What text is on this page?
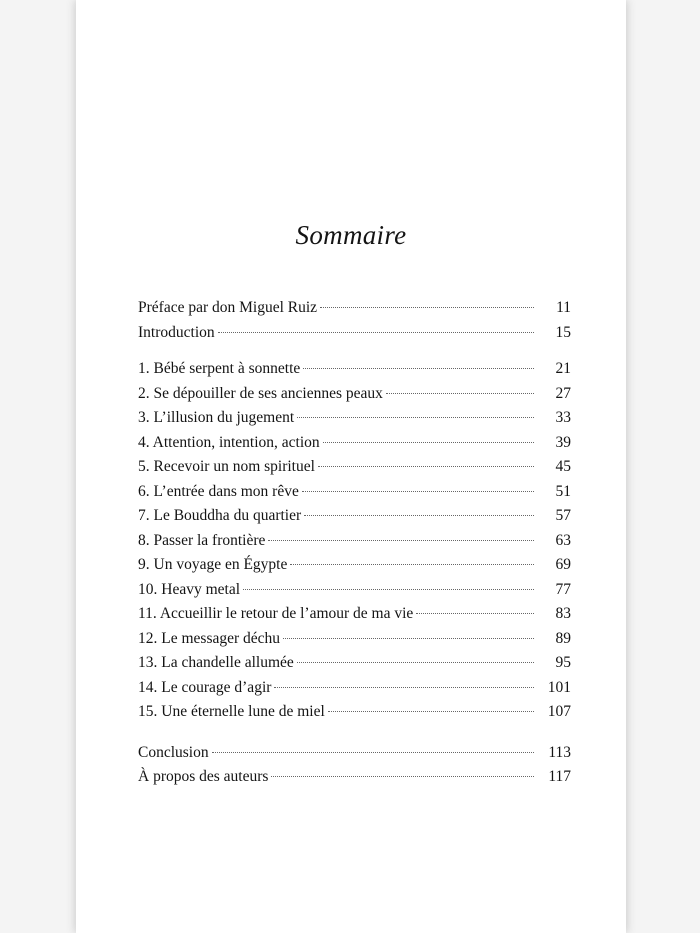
Sommaire
Préface par don Miguel Ruiz	11
Introduction	15
1. Bébé serpent à sonnette	21
2. Se dépouiller de ses anciennes peaux	27
3. L’illusion du jugement	33
4. Attention, intention, action	39
5. Recevoir un nom spirituel	45
6. L’entrée dans mon rêve	51
7. Le Bouddha du quartier	57
8. Passer la frontière	63
9. Un voyage en Égypte	69
10. Heavy metal	77
11. Accueillir le retour de l’amour de ma vie	83
12. Le messager déchu	89
13. La chandelle allumée	95
14. Le courage d’agir	101
15. Une éternelle lune de miel	107
Conclusion	113
À propos des auteurs	117
